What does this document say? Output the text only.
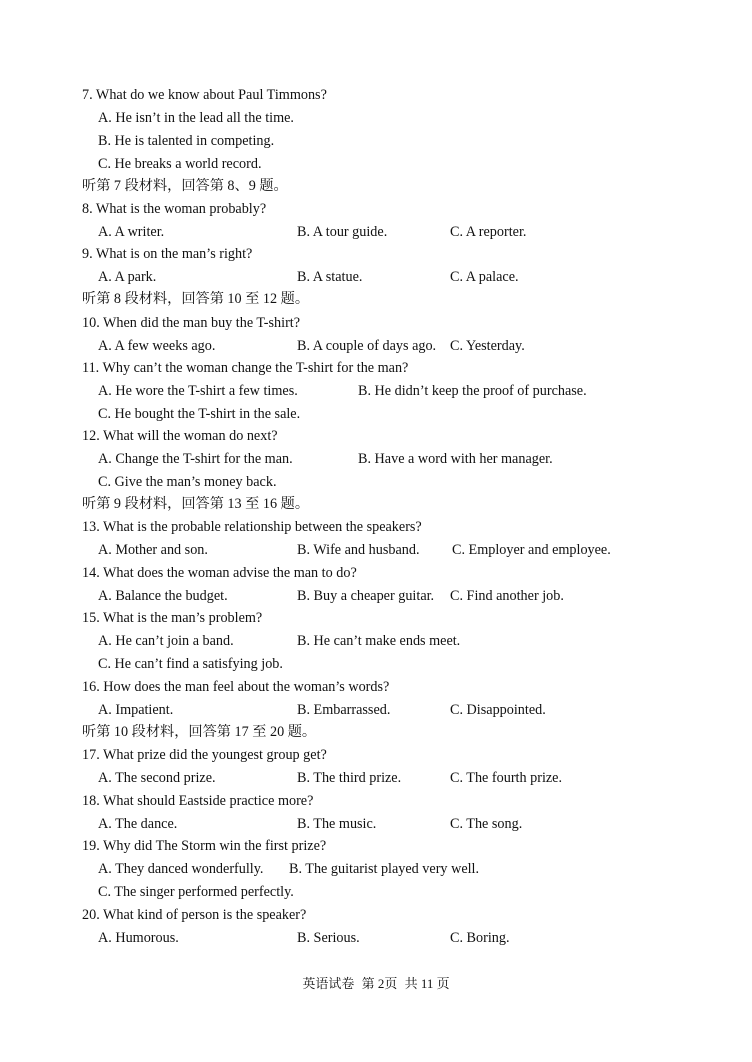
7. What do we know about Paul Timmons?
A. He isn’t in the lead all the time.
B. He is talented in competing.
C. He breaks a world record.
听第 7 段材料，回答第 8、9 题。
8. What is the woman probably?
A. A writer.	B. A tour guide.	C. A reporter.
9. What is on the man’s right?
A. A park.	B. A statue.	C. A palace.
听第 8 段材料，回答第 10 至 12 题。
10. When did the man buy the T-shirt?
A. A few weeks ago.	B. A couple of days ago. C. Yesterday.
11. Why can’t the woman change the T-shirt for the man?
A. He wore the T-shirt a few times.	B. He didn’t keep the proof of purchase.
C. He bought the T-shirt in the sale.
12. What will the woman do next?
A. Change the T-shirt for the man.	B. Have a word with her manager.
C. Give the man’s money back.
听第 9 段材料，回答第 13 至 16 题。
13. What is the probable relationship between the speakers?
A. Mother and son.	B. Wife and husband. C. Employer and employee.
14. What does the woman advise the man to do?
A. Balance the budget.	B. Buy a cheaper guitar. C. Find another job.
15. What is the man’s problem?
A. He can’t join a band.	B. He can’t make ends meet.
C. He can’t find a satisfying job.
16. How does the man feel about the woman’s words?
A. Impatient.	B. Embarrassed.	C. Disappointed.
听第 10 段材料，回答第 17 至 20 题。
17. What prize did the youngest group get?
A. The second prize.	B. The third prize.	C. The fourth prize.
18. What should Eastside practice more?
A. The dance.	B. The music.	C. The song.
19. Why did The Storm win the first prize?
A. They danced wonderfully. B. The guitarist played very well.
C. The singer performed perfectly.
20. What kind of person is the speaker?
A. Humorous.	B. Serious.	C. Boring.
英语试卷 第 2页 共 11 页
